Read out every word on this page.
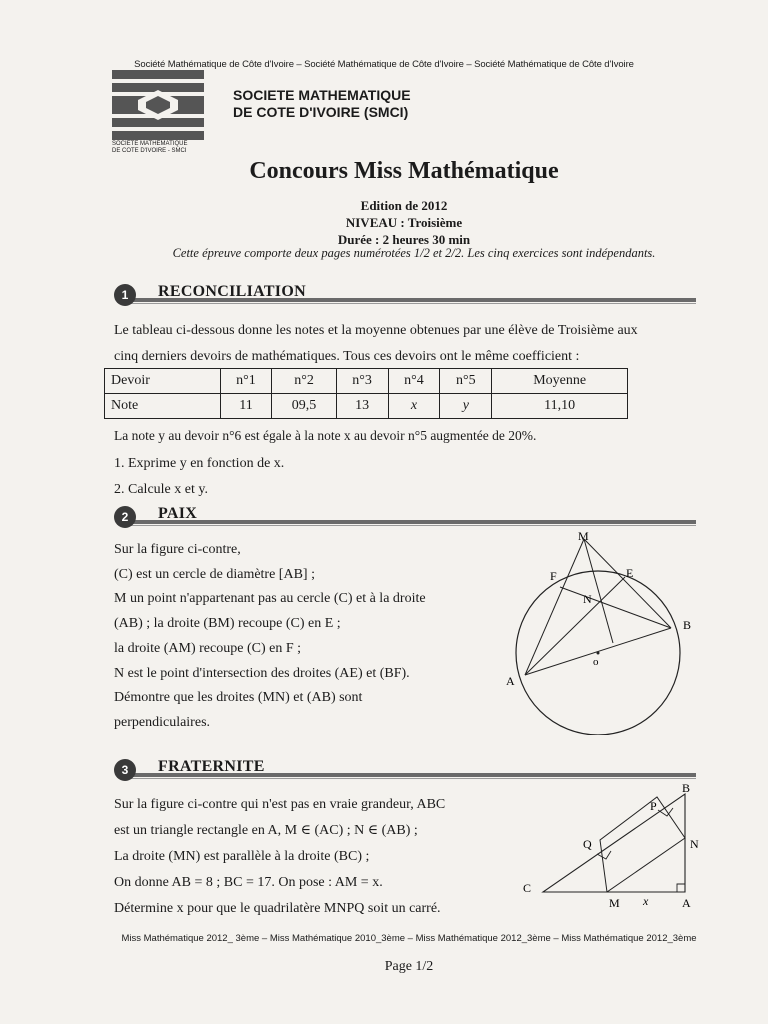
Société Mathématique de Côte d'Ivoire – Société Mathématique de Côte d'Ivoire – Société Mathématique de Côte d'Ivoire
SOCIETE MATHEMATIQUE
DE COTE D'IVOIRE - SMCI
SOCIETE MATHEMATIQUE
DE COTE D'IVOIRE (SMCI)
Concours Miss Mathématique
Edition de 2012
NIVEAU : Troisième
Durée : 2 heures 30 min
Cette épreuve comporte deux pages numérotées 1/2 et 2/2. Les cinq exercices sont indépendants.
1	RECONCILIATION
Le tableau ci-dessous donne les notes et la moyenne obtenues par une élève de Troisième aux
cinq derniers devoirs de mathématiques. Tous ces devoirs ont le même coefficient :
Devoir	n°1	n°2	n°3	n°4	n°5	Moyenne
Note	11	09,5	13	x	y	11,10
La note y au devoir n°6 est égale à la note x au devoir n°5 augmentée de 20%.
1. Exprime y en fonction de x.
2. Calcule x et y.
2	PAIX
Sur la figure ci-contre,
(C) est un cercle de diamètre [AB] ;
M un point n'appartenant pas au cercle (C) et à la droite
(AB) ; la droite (BM) recoupe (C) en E ;
la droite (AM) recoupe (C) en F ;
N est le point d'intersection des droites (AE) et (BF).
Démontre que les droites (MN) et (AB) sont
perpendiculaires.
M
F	E
N
B
A
o
3	FRATERNITE
Sur la figure ci-contre qui n'est pas en vraie grandeur, ABC
est un triangle rectangle en A, M ∈ (AC) ; N ∈ (AB) ;
La droite (MN) est parallèle à la droite (BC) ;
On donne AB = 8 ; BC = 17. On pose : AM = x.
Détermine x pour que le quadrilatère MNPQ soit un carré.
B
P
Q	N
C
M x	A
Miss Mathématique 2012_ 3ème – Miss Mathématique 2010_3ème – Miss Mathématique 2012_3ème – Miss Mathématique 2012_3ème
Page 1/2
